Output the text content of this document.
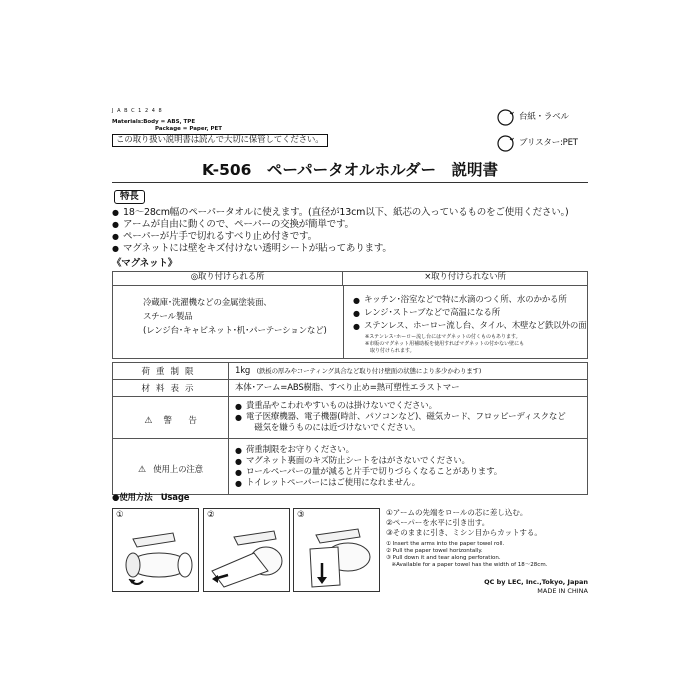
J A B C 1 2 4 8
Materials:Body = ABS, TPE
Package = Paper, PET
この取り扱い説明書は読んで大切に保管してください。
台紙・ラベル
ブリスター:PET
K-506　ペーパータオルホルダー　説明書
特長
● 18～28cm幅のペーパータオルに使えます。(直径が13cm以下、紙芯の入っているものをご使用ください。)
● アームが自由に動くので、ペーパーの交換が簡単です。
● ペーパーが片手で切れるすべり止め付きです。
● マグネットには壁をキズ付けない透明シートが貼ってあります。
《マグネット》
◎取り付けられる所	×取り付けられない所
冷蔵庫･洗濯機などの金属塗装面、
スチール製品
(レンジ台･キャビネット･机･パーテーションなど)
● キッチン･浴室などで特に水滴のつく所、水のかかる所
● レンジ･ストーブなどで高温になる所
● ステンレス、ホーロー流し台、タイル、木壁など鉄以外の面
※ステンレス･ホーロー流し台にはマグネットの付くものもあります。
※市販のマグネット用補助板を使用すればマグネットの付かない壁にも
　取り付けられます。
荷重制限	1kg (鉄板の厚みやコーティング具合など取り付け壁面の状態により多少かわります)
材料表示	本体･アーム=ABS樹脂、すべり止め=熱可塑性エラストマー
⚠ 警　　告	● 貴重品やこわれやすいものは掛けないでください。
● 電子医療機器、電子機器(時計、パソコンなど)、磁気カード、フロッピーディスクなど
　磁気を嫌うものには近づけないでください。

⚠ 使用上の注意	● 荷重制限をお守りください。
● マグネット裏面のキズ防止シートをはがさないでください。
● ロールペーパーの量が減ると片手で切りづらくなることがあります。
● トイレットペーパーにはご使用になれません。
●使用方法　Usage
①	②	③	①アームの先端をロールの芯に差し込む。
②ペーパーを水平に引き出す。
③そのままに引き、ミシン目からカットする。
① Insert the arms into the paper towel roll.
② Pull the paper towel horizontally.
③ Pull down it and tear along perforation.
　※Available for a paper towel has the width of 18～28cm.
QC by LEC, Inc.,Tokyo, Japan
MADE IN CHINA
